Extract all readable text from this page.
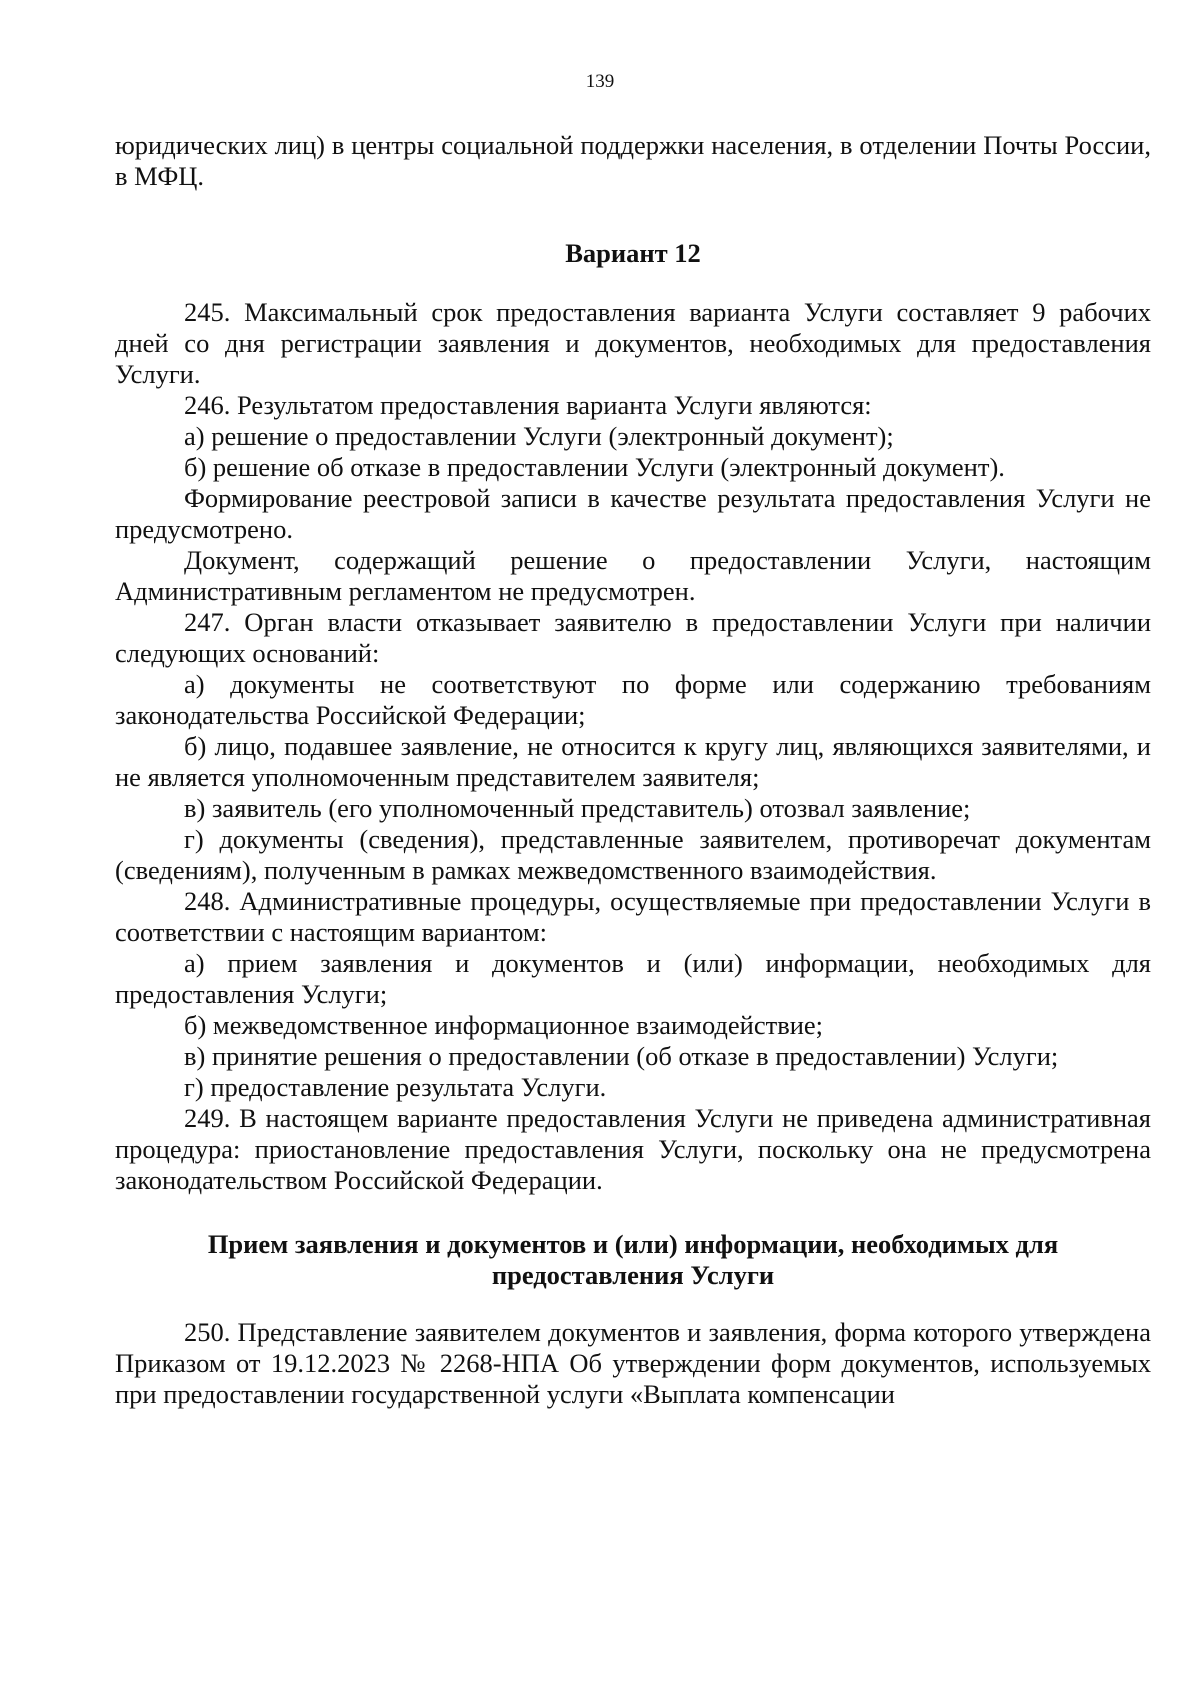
139

юридических лиц) в центры социальной поддержки населения, в отделении Почты России, в МФЦ.

Вариант 12

245. Максимальный срок предоставления варианта Услуги составляет 9 рабочих дней со дня регистрации заявления и документов, необходимых для предоставления Услуги.

246. Результатом предоставления варианта Услуги являются:

а) решение о предоставлении Услуги (электронный документ);

б) решение об отказе в предоставлении Услуги (электронный документ).

Формирование реестровой записи в качестве результата предоставления Услуги не предусмотрено.

Документ, содержащий решение о предоставлении Услуги, настоящим Административным регламентом не предусмотрен.

247. Орган власти отказывает заявителю в предоставлении Услуги при наличии следующих оснований:

а) документы не соответствуют по форме или содержанию требованиям законодательства Российской Федерации;

б) лицо, подавшее заявление, не относится к кругу лиц, являющихся заявителями, и не является уполномоченным представителем заявителя;

в) заявитель (его уполномоченный представитель) отозвал заявление;

г) документы (сведения), представленные заявителем, противоречат документам (сведениям), полученным в рамках межведомственного взаимодействия.

248. Административные процедуры, осуществляемые при предоставлении Услуги в соответствии с настоящим вариантом:

а) прием заявления и документов и (или) информации, необходимых для предоставления Услуги;

б) межведомственное информационное взаимодействие;

в) принятие решения о предоставлении (об отказе в предоставлении) Услуги;

г) предоставление результата Услуги.

249. В настоящем варианте предоставления Услуги не приведена административная процедура: приостановление предоставления Услуги, поскольку она не предусмотрена законодательством Российской Федерации.

Прием заявления и документов и (или) информации, необходимых для предоставления Услуги

250. Представление заявителем документов и заявления, форма которого утверждена Приказом от 19.12.2023 № 2268-НПА Об утверждении форм документов, используемых при предоставлении государственной услуги «Выплата компенсации
